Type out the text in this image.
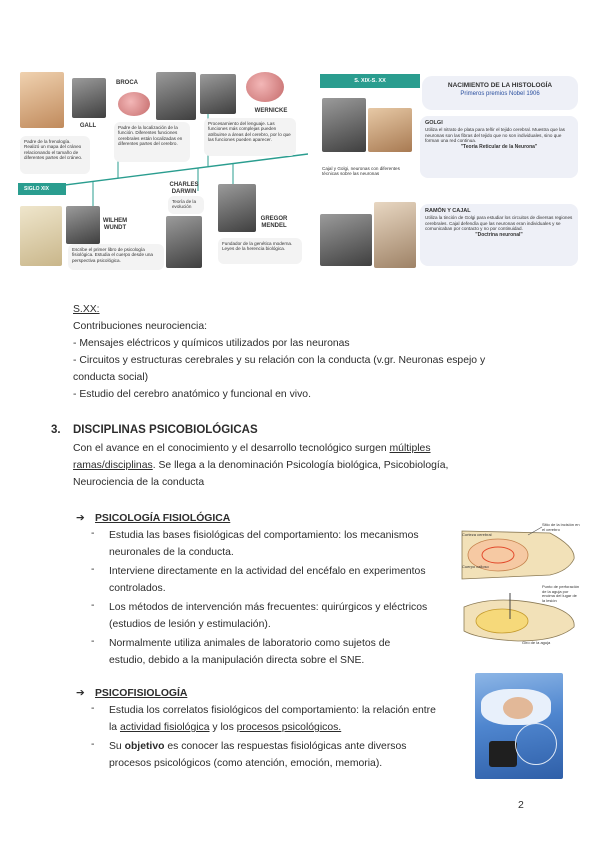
SIGLO XIX
GALL
Padre de la frenología. Realizó un mapa del cráneo relacionando el tamaño de diferentes partes del cráneo.
BROCA
Padre de la localización de la función. Diferentes funciones cerebrales están localizadas en diferentes partes del cerebro.
WERNICKE
Procesamiento del lenguaje. Las funciones más complejas pueden atribuirse a áreas del cerebro, por lo que las funciones pueden aparecer.
WILHEM WUNDT
Escribe el primer libro de psicología fisiológica. Estudia el cuerpo desde una perspectiva psicológica.
CHARLES DARWIN
Teoría de la evolución
GREGOR MENDEL
Fundador de la genética moderna. Leyes de la herencia biológica.
S. XIX-S. XX
NACIMIENTO DE LA HISTOLOGÍA
Primeros premios Nobel 1906
Cajal y Golgi, neuronas con diferentes técnicas sobre las neuronas
GOLGI
Utiliza el nitrato de plata para teñir el tejido cerebral. Muestra que las neuronas son las fibras del tejido que no son individuales, sino que forman una red continua.
"Teoría Reticular de la Neurona"
RAMÓN Y CAJAL
Utiliza la tinción de Golgi para estudiar los circuitos de diversas regiones cerebrales. Cajal defendía que las neuronas eran individuales y se comunicaban por contacto y no por continuidad.
"Doctrina neuronal"
S.XX:
Contribuciones neurociencia:
- Mensajes eléctricos y químicos utilizados por las neuronas
- Circuitos y estructuras cerebrales y su relación con la conducta (v.gr. Neuronas espejo y
conducta social)
- Estudio del cerebro anatómico y funcional en vivo.
3. DISCIPLINAS PSICOBIOLÓGICAS
Con el avance en el conocimiento y el desarrollo tecnológico surgen múltiples
ramas/disciplinas. Se llega a la denominación Psicología biológica, Psicobiología,
Neurociencia de la conducta
➔ PSICOLOGÍA FISIOLÓGICA
- Estudia las bases fisiológicas del comportamiento: los mecanismos
neuronales de la conducta.
- Interviene directamente en la actividad del encéfalo en experimentos
controlados.
- Los métodos de intervención más frecuentes: quirúrgicos y eléctricos
(estudios de lesión y estimulación).
- Normalmente utiliza animales de laboratorio como sujetos de
estudio, debido a la manipulación directa sobre el SNE.
Corteza cerebral
Sitio de la incisión en el cerebro
Cuerpo calloso
Punto de perforación de la aguja por encima del lugar de la lesión
Giro de la aguja
➔ PSICOFISIOLOGÍA
- Estudia los correlatos fisiológicos del comportamiento: la relación entre
la actividad fisiológica y los procesos psicológicos.
- Su objetivo es conocer las respuestas fisiológicas ante diversos
procesos psicológicos (como atención, emoción, memoria).
2
